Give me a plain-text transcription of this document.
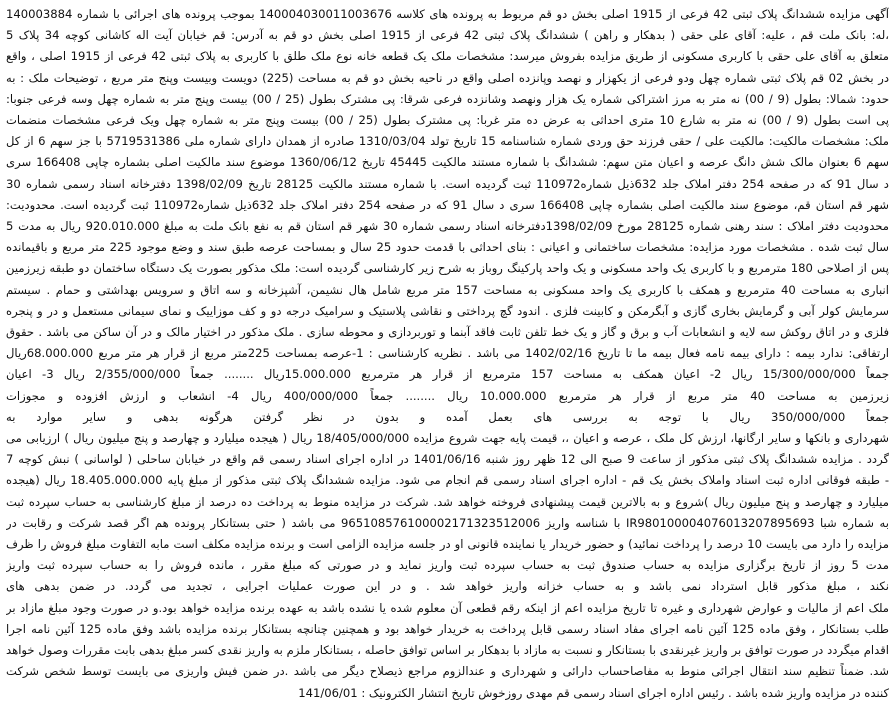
آگهی مزایده ششدانگ پلاک ثبتی 42 فرعی از 1915 اصلی بخش دو قم مربوط به پرونده های کلاسه 140004030011003676 بموجب پرونده های اجرائی با شماره 140003884
،له: بانک ملت قم ، علیه: آقای علی حقی ( بدهکار و راهن ) ششدانگ پلاک ثبتی 42 فرعی از 1915 اصلی بخش دو قم به آدرس: قم خیابان آیت اله کاشانی کوچه 34 پلاک 5
متعلق به آقای علی حقی با کاربری مسکونی از طریق مزایده بفروش میرسد: مشخصات ملک یک قطعه خانه نوع ملک طلق با کاربری به پلاک ثبتی 42 فرعی از 1915 اصلی ، واقع
در بخش 02 قم پلاک ثبتی شماره چهل ودو فرعی از یکهزار و نهصد وپانزده اصلی واقع در ناحیه بخش دو قم به مساحت (225) دویست وبیست وپنج متر مربع ، توضیحات ملک : به
حدود: شمالا: بطول (9 / 00) نه متر به مرز اشتراکی شماره یک هزار ونهصد وشانزده فرعی شرقا: پی مشترک بطول (25 / 00) بیست وپنج متر به شماره چهل وسه فرعی جنوبا:
پی است بطول (9 / 00) نه متر به شارع 10 متری احداثی به عرض ده متر غربا: پی مشترک بطول (25 / 00) بیست وپنج متر به شماره چهل ویک فرعی مشخصات منضمات
ملک: مشخصات مالکیت: مالکیت علی / حقی فرزند حق وردی شماره شناسنامه 15 تاریخ تولد 1310/03/04 صادره از همدان دارای شماره ملی 5719531386 با جز سهم 6 از کل
سهم 6 بعنوان مالک شش دانگ عرصه و اعیان متن سهم: ششدانگ با شماره مستند مالکیت 45445 تاریخ 1360/06/12 موضوع سند مالکیت اصلی بشماره چاپی 166408 سری
د سال 91 که در صفحه 254 دفتر املاک جلد 632ذیل شماره110972 ثبت گردیده است. با شماره مستند مالکیت 28125 تاریخ 1398/02/09 دفترخانه اسناد رسمی شماره 30
شهر قم استان قم، موضوع سند مالکیت اصلی بشماره چاپی 166408 سری د سال 91 که در صفحه 254 دفتر املاک جلد 632ذیل شماره110972 ثبت گردیده است. محدودیت:
محدودیت دفتر املاک : سند رهنی شماره 28125 مورخ 1398/02/09دفترخانه اسناد رسمی شماره 30 شهر قم استان قم به نفع بانک ملت به مبلغ 920.010.000 ریال به مدت 5
سال ثبت شده . مشخصات مورد مزایده: مشخصات ساختمانی و اعیانی : بنای احداثی با قدمت حدود 25 سال و بمساحت عرصه طبق سند و وضع موجود 225 متر مربع و باقیمانده
پس از اصلاحی 180 مترمربع و با کاربری یک واحد مسکونی و یک واحد پارکینگ روباز به شرح زیر کارشناسی گردیده است: ملک مذکور بصورت یک دستگاه ساختمان دو طبقه زیرزمین
انباری به مساحت 40 مترمربع و همکف با کاربری یک واحد مسکونی به مساحت 157 متر مربع شامل هال نشیمن، آشپزخانه و سه اتاق و سرویس بهداشتی و حمام . سیستم
سرمایش کولر آبی و گرمایش بخاری گازی و آبگرمکن و کابینت فلزی . اندود گچ پرداختی و نقاشی پلاستیک و سرامیک درجه دو و کف موزاییک و نمای سیمانی مستعمل و در و پنجره
فلزی و در اتاق روکش سه لایه و انشعابات آب و برق و گاز و یک خط تلفن ثابت فاقد آبنما و توربردازی و محوطه سازی . ملک مذکور در اختیار مالک و در آن ساکن می باشد . حقوق
ارتفاقی: ندارد بیمه : دارای بیمه نامه فعال بیمه ما تا تاریخ 1402/02/16 می باشد . نظریه کارشناسی : 1-عرصه بمساحت 225متر مربع از قرار هر متر مربع 68.000.000ریال
جمعاً 15/300/000/000 ریال 2- اعیان همکف به مساحت 157 مترمربع از قرار هر مترمربع 15.000.000ریال ........ جمعاً 2/355/000/000 ریال 3- اعیان
زیرزمین به مساحت 40 متر مربع از قرار هر مترمربع 10.000.000 ریال ........ جمعاً 400/000/000 ریال 4- انشعاب و ارزش افزوده و مجوزات
جمعاً 350/000/000 ریال با توجه به بررسی های بعمل آمده و بدون در نظر گرفتن هرگونه بدهی و سایر موارد به
شهرداری و بانکها و سایر ارگانها، ارزش کل ملک ، عرصه و اعیان ،، قیمت پایه جهت شروع مزایده 18/405/000/000 ریال ( هیجده میلیارد و چهارصد و پنج میلیون ریال ) ارزیابی می
گردد . مزایده ششدانگ پلاک ثبتی مذکور از ساعت 9 صبح الی 12 ظهر روز شنبه 1401/06/16 در اداره اجرای اسناد رسمی قم واقع در خیابان ساحلی ( لواسانی ) نبش کوچه 7
- طبقه فوقانی اداره ثبت اسناد واملاک بخش یک قم - اداره اجرای اسناد رسمی قم انجام می شود. مزایده ششدانگ پلاک ثبتی مذکور از مبلغ پایه 18.405.000.000 ریال (هیجده
میلیارد و چهارصد و پنج میلیون ریال )شروع و به بالاترین قیمت پیشنهادی فروخته خواهد شد. شرکت در مزایده منوط به پرداخت ده درصد از مبلغ کارشناسی به حساب سپرده ثبت
به شماره شبا IR980100004076013207895693 با شناسه واریز 965108576100002171323512006 می باشد ( حتی بستانکار پرونده هم اگر قصد شرکت و رقابت در
مزایده را دارد می بایست 10 درصد را پرداخت نمائید) و حضور خریدار یا نماینده قانونی او در جلسه مزایده الزامی است و برنده مزایده مکلف است مابه التفاوت مبلغ فروش را ظرف
مدت 5 روز از تاریخ برگزاری مزایده به حساب صندوق ثبت به حساب سپرده ثبت واریز نماید و در صورتی که مبلغ مقرر ، مانده فروش را به حساب سپرده ثبت واریز
نکند ، مبلغ مذکور قابل استرداد نمی باشد و به حساب خزانه واریز خواهد شد . و در این صورت عملیات اجرایی ، تجدید می گردد. در ضمن بدهی های
ملک اعم از مالیات و عوارض شهرداری و غیره تا تاریخ مزایده اعم از اینکه رقم قطعی آن معلوم شده یا نشده باشد به عهده برنده مزایده خواهد بود.و در صورت وجود مبلغ مازاد بر
طلب بستانکار ، وفق ماده 125 آئین نامه اجرای مفاد اسناد رسمی قابل پرداخت به خریدار خواهد بود و همچنین چنانچه بستانکار برنده مزایده باشد وفق ماده 125 آئین نامه اجرا
اقدام میگردد در صورت توافق بر واریز غیرنقدی با بستانکار و نسبت به مازاد با بدهکار بر اساس توافق حاصله ، بستانکار ملزم به واریز نقدی کسر مبلغ بدهی بابت مقررات وصول خواهد
شد. ضمناً تنظیم سند انتقال اجرائی منوط به مفاصاحساب دارائی و شهرداری و عندالزوم مراجع ذیصلاح دیگر می باشد .در ضمن فیش واریزی می بایست توسط شخص شرکت
کننده در مزایده واریز شده باشد . رئیس اداره اجرای اسناد رسمی قم مهدی روزخوش تاریخ انتشار الکترونیک : 141/06/01
